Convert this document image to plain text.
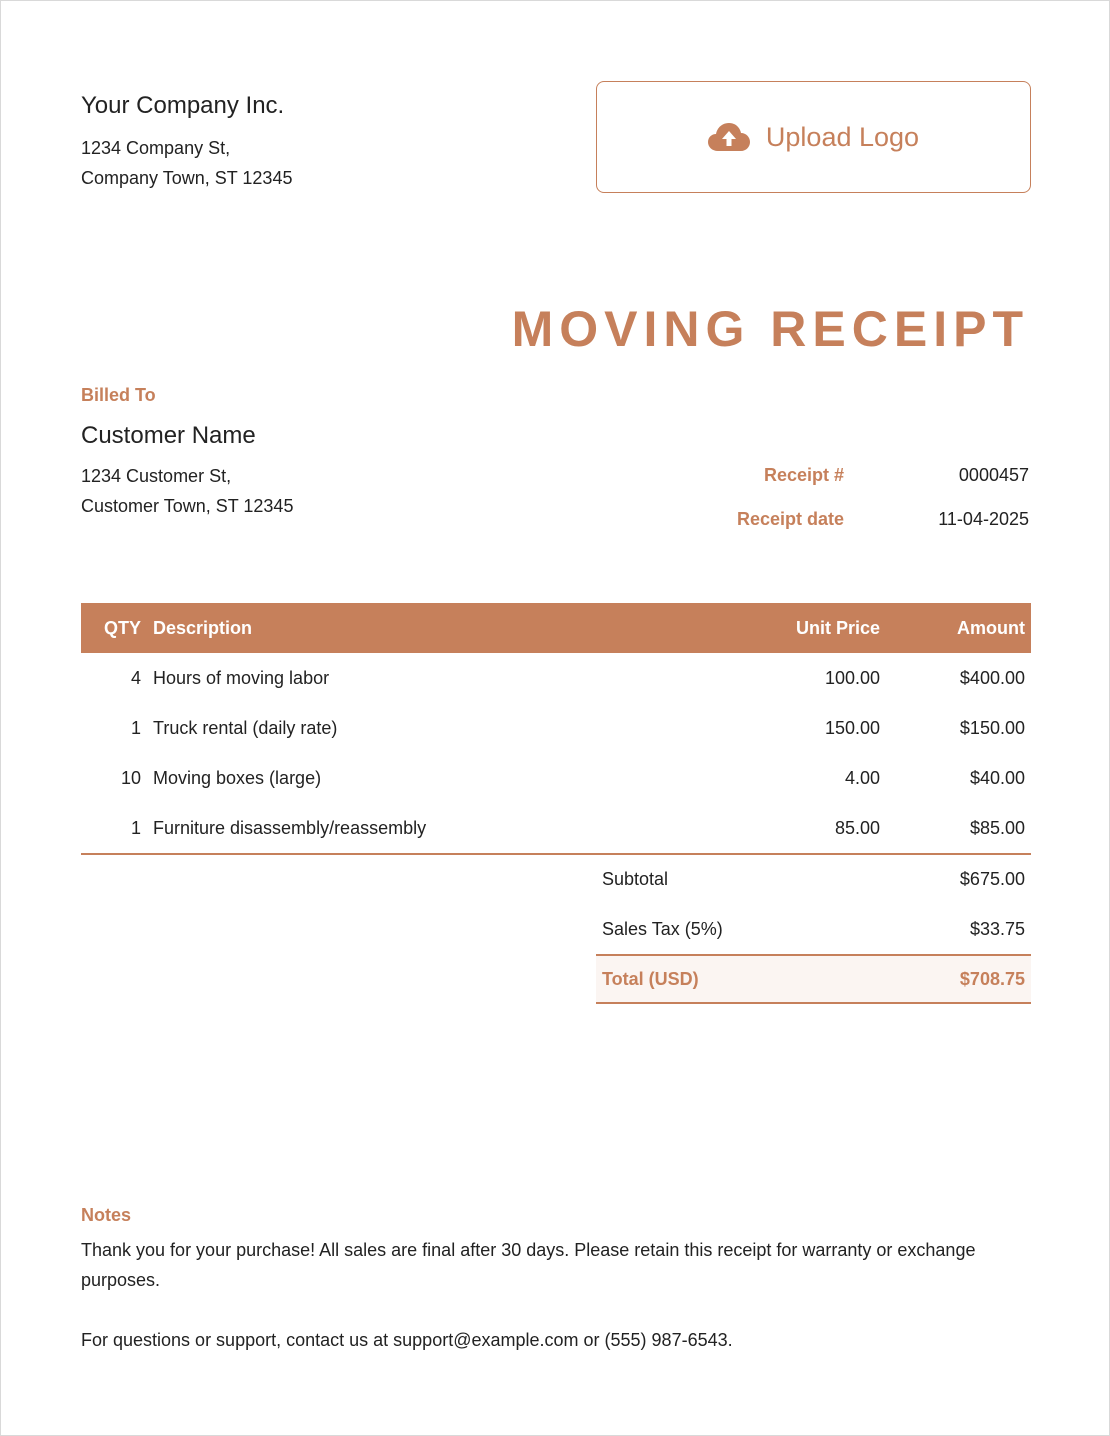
Your Company Inc.
1234 Company St,
Company Town, ST 12345
Upload Logo
MOVING RECEIPT
Billed To
Customer Name
1234 Customer St,
Customer Town, ST 12345
Receipt #	0000457
Receipt date	11-04-2025
QTY	Description	Unit Price	Amount
4	Hours of moving labor	100.00	$400.00
1	Truck rental (daily rate)	150.00	$150.00
10	Moving boxes (large)	4.00	$40.00
1	Furniture disassembly/reassembly	85.00	$85.00
Subtotal	$675.00
Sales Tax (5%)	$33.75
Total (USD)	$708.75
Notes

Thank you for your purchase! All sales are final after 30 days. Please retain this receipt for warranty or exchange purposes.

For questions or support, contact us at support@example.com or (555) 987-6543.
